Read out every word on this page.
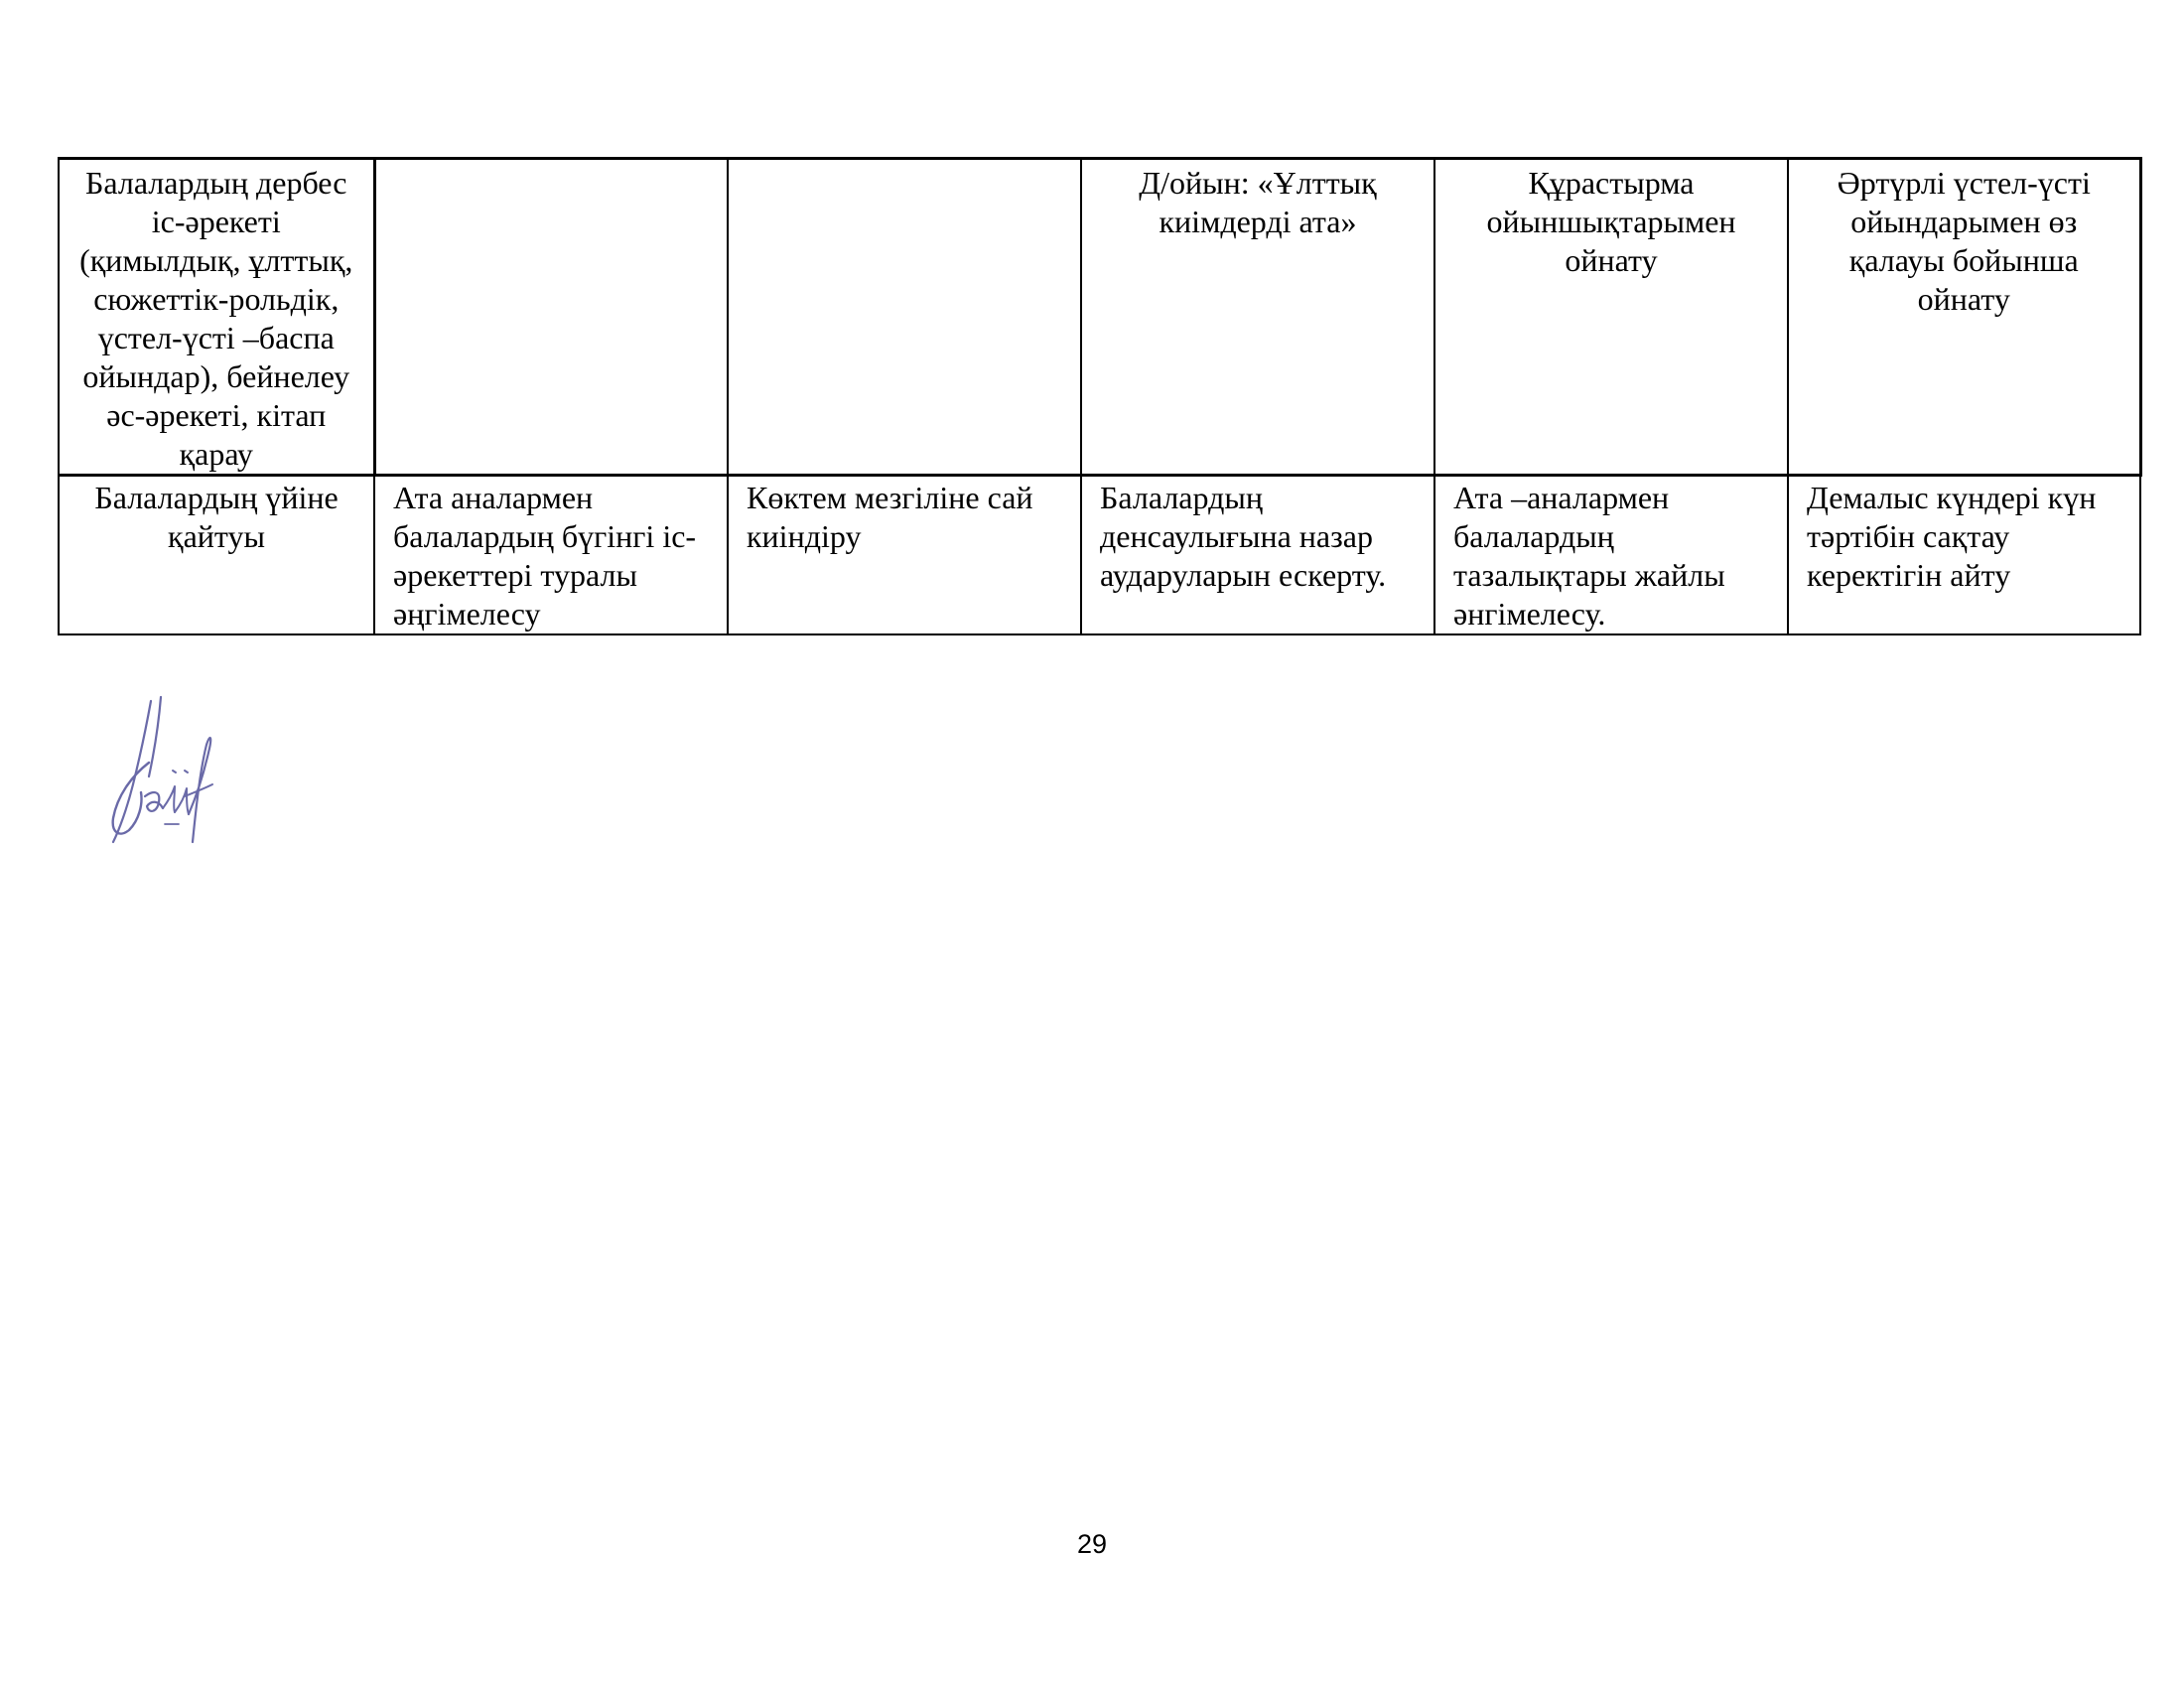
Балалардың дербес іс-әрекеті (қимылдық, ұлттық, сюжеттік-рольдік, үстел-үсті –баспа ойындар), бейнелеу әс-әрекеті, кітап қарау			Д/ойын: «Ұлттық киімдерді ата»	Құрастырма ойыншықтарымен ойнату	Әртүрлі үстел-үсті ойындарымен өз қалауы бойынша ойнату
Балалардың үйіне қайтуы	Ата аналармен балалардың бүгінгі іс-әрекеттері туралы әңгімелесу	Көктем мезгіліне сай киіндіру	Балалардың денсаулығына назар аударуларын ескерту.	Ата –аналармен балалардың тазалықтары жайлы әнгімелесу.	Демалыс күндері күн тәртібін сақтау керектігін айту
29
